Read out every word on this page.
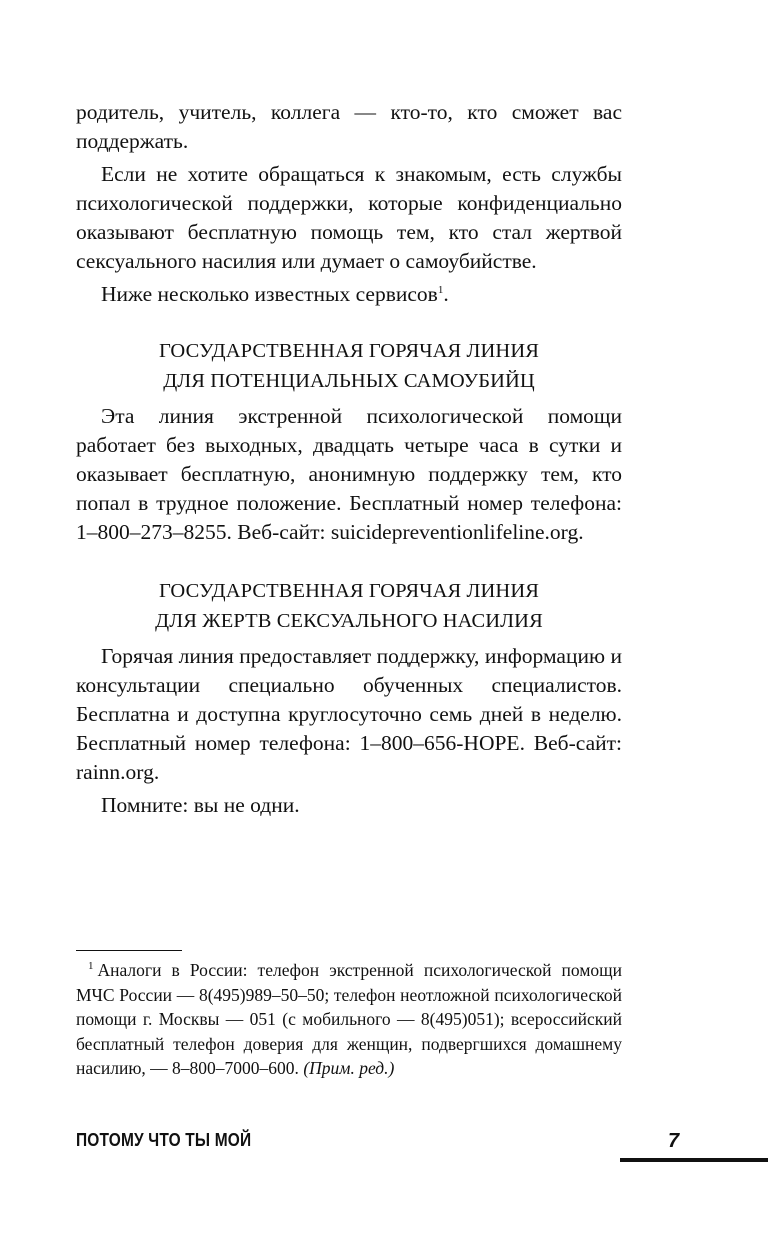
родитель, учитель, коллега — кто-то, кто сможет вас поддержать.

Если не хотите обращаться к знакомым, есть службы психологической поддержки, которые конфиденциально оказывают бесплатную помощь тем, кто стал жертвой сексуального насилия или думает о самоубийстве.

Ниже несколько известных сервисов$^1$.

ГОСУДАРСТВЕННАЯ ГОРЯЧАЯ ЛИНИЯ
ДЛЯ ПОТЕНЦИАЛЬНЫХ САМОУБИЙЦ

Эта линия экстренной психологической помощи работает без выходных, двадцать четыре часа в сутки и оказывает бесплатную, анонимную поддержку тем, кто попал в трудное положение. Бесплатный номер телефона: 1–800–273–8255. Веб-сайт: suicidepreventionlifeline.org.

ГОСУДАРСТВЕННАЯ ГОРЯЧАЯ ЛИНИЯ
ДЛЯ ЖЕРТВ СЕКСУАЛЬНОГО НАСИЛИЯ

Горячая линия предоставляет поддержку, информацию и консультации специально обученных специалистов. Бесплатна и доступна круглосуточно семь дней в неделю. Бесплатный номер телефона: 1–800–656-HOPE. Веб-сайт: rainn.org.

Помните: вы не одни.

$^1$ Аналоги в России: телефон экстренной психологической помощи МЧС России — 8(495)989–50–50; телефон неотложной психологической помощи г. Москвы — 051 (с мобильного — 8(495)051); всероссийский бесплатный телефон доверия для женщин, подвергшихся домашнему насилию, — 8–800–7000–600. (Прим. ред.)

ПОТОМУ ЧТО ТЫ МОЙ	7
